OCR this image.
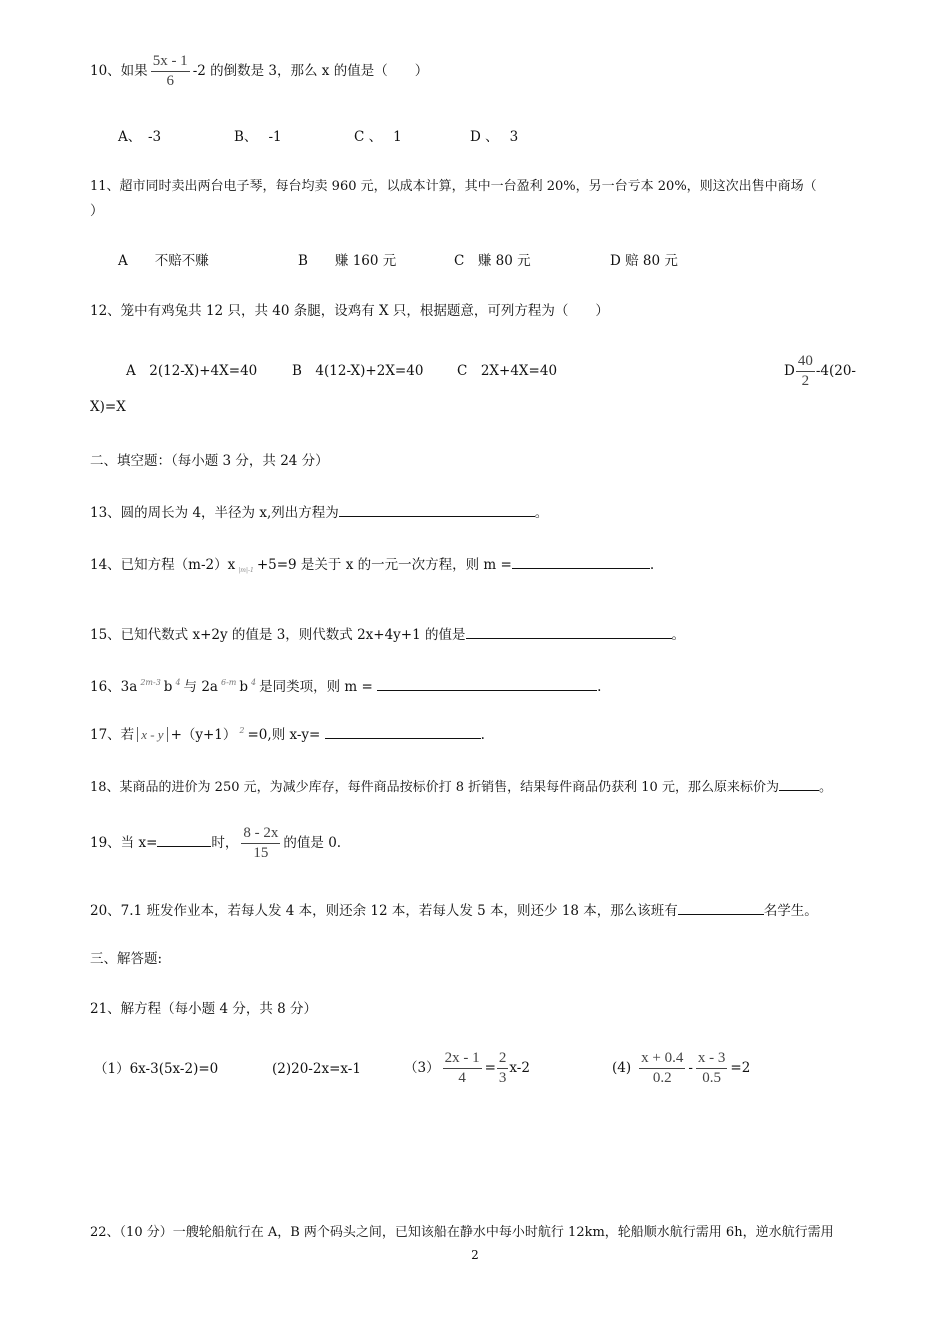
10、如果 $\frac{5x - 1}{6} -2$ 的倒数是 3，那么 x 的值是（　　）
A、　-3	B、　 -1	C 、　 1	D 、　 3
11、超市同时卖出两台电子琴，每台均卖 960 元，以成本计算，其中一台盈利 20%，另一台亏本 20%，则这次出售中商场（
）
A　　不赔不赚	B　　赚 160 元	C　赚 80 元	D 赔 80 元
12、笼中有鸡兔共 12 只，共 40 条腿，设鸡有 X 只，根据题意，可列方程为（　　）
A　2(12-X)+4X=40	B　4(12-X)+2X=40 C　2X+4X=40	D $\frac{40}{2} -4(20-$
X)=X
二、填空题：（每小题 3 分，共 24 分）
13、圆的周长为 4，半径为 x,列出方程为	。
14、已知方程（m-2）x $_{|m|-1}$ +5=9 是关于 x 的一元一次方程，则 m =	.
15、已知代数式 x+2y 的值是 3，则代数式 2x+4y+1 的值是	。
16、3a $^{2m-3}$ b $^4$ 与 2a $^{6-m}$ b $^4$ 是同类项，则 m =	.
17、若 x - y +（y+1） $^2$ =0,则 x-y=	.
18、某商品的进价为 250 元，为减少库存，每件商品按标价打 8 折销售，结果每件商品仍获利 10 元，那么原来标价为	。
19、当 x=	时， $\frac{8 - 2x}{15}$ 的值是 0.
20、7.1 班发作业本，若每人发 4 本，则还余 12 本，若每人发 5 本，则还少 18 本，那么该班有	名学生。
三、解答题:
21、解方程（每小题 4 分，共 8 分）
（1）6x-3(5x-2)=0	(2)20-2x=x-1	$(3) \frac{2x - 1}{4} = \frac{2}{3} x-2$	$(4) \frac{x + 0.4}{0.2} - \frac{x - 3}{0.5} =2$
22、（10 分）一艘轮船航行在 A，B 两个码头之间，已知该船在静水中每小时航行 12km，轮船顺水航行需用 6h，逆水航行需用
2
